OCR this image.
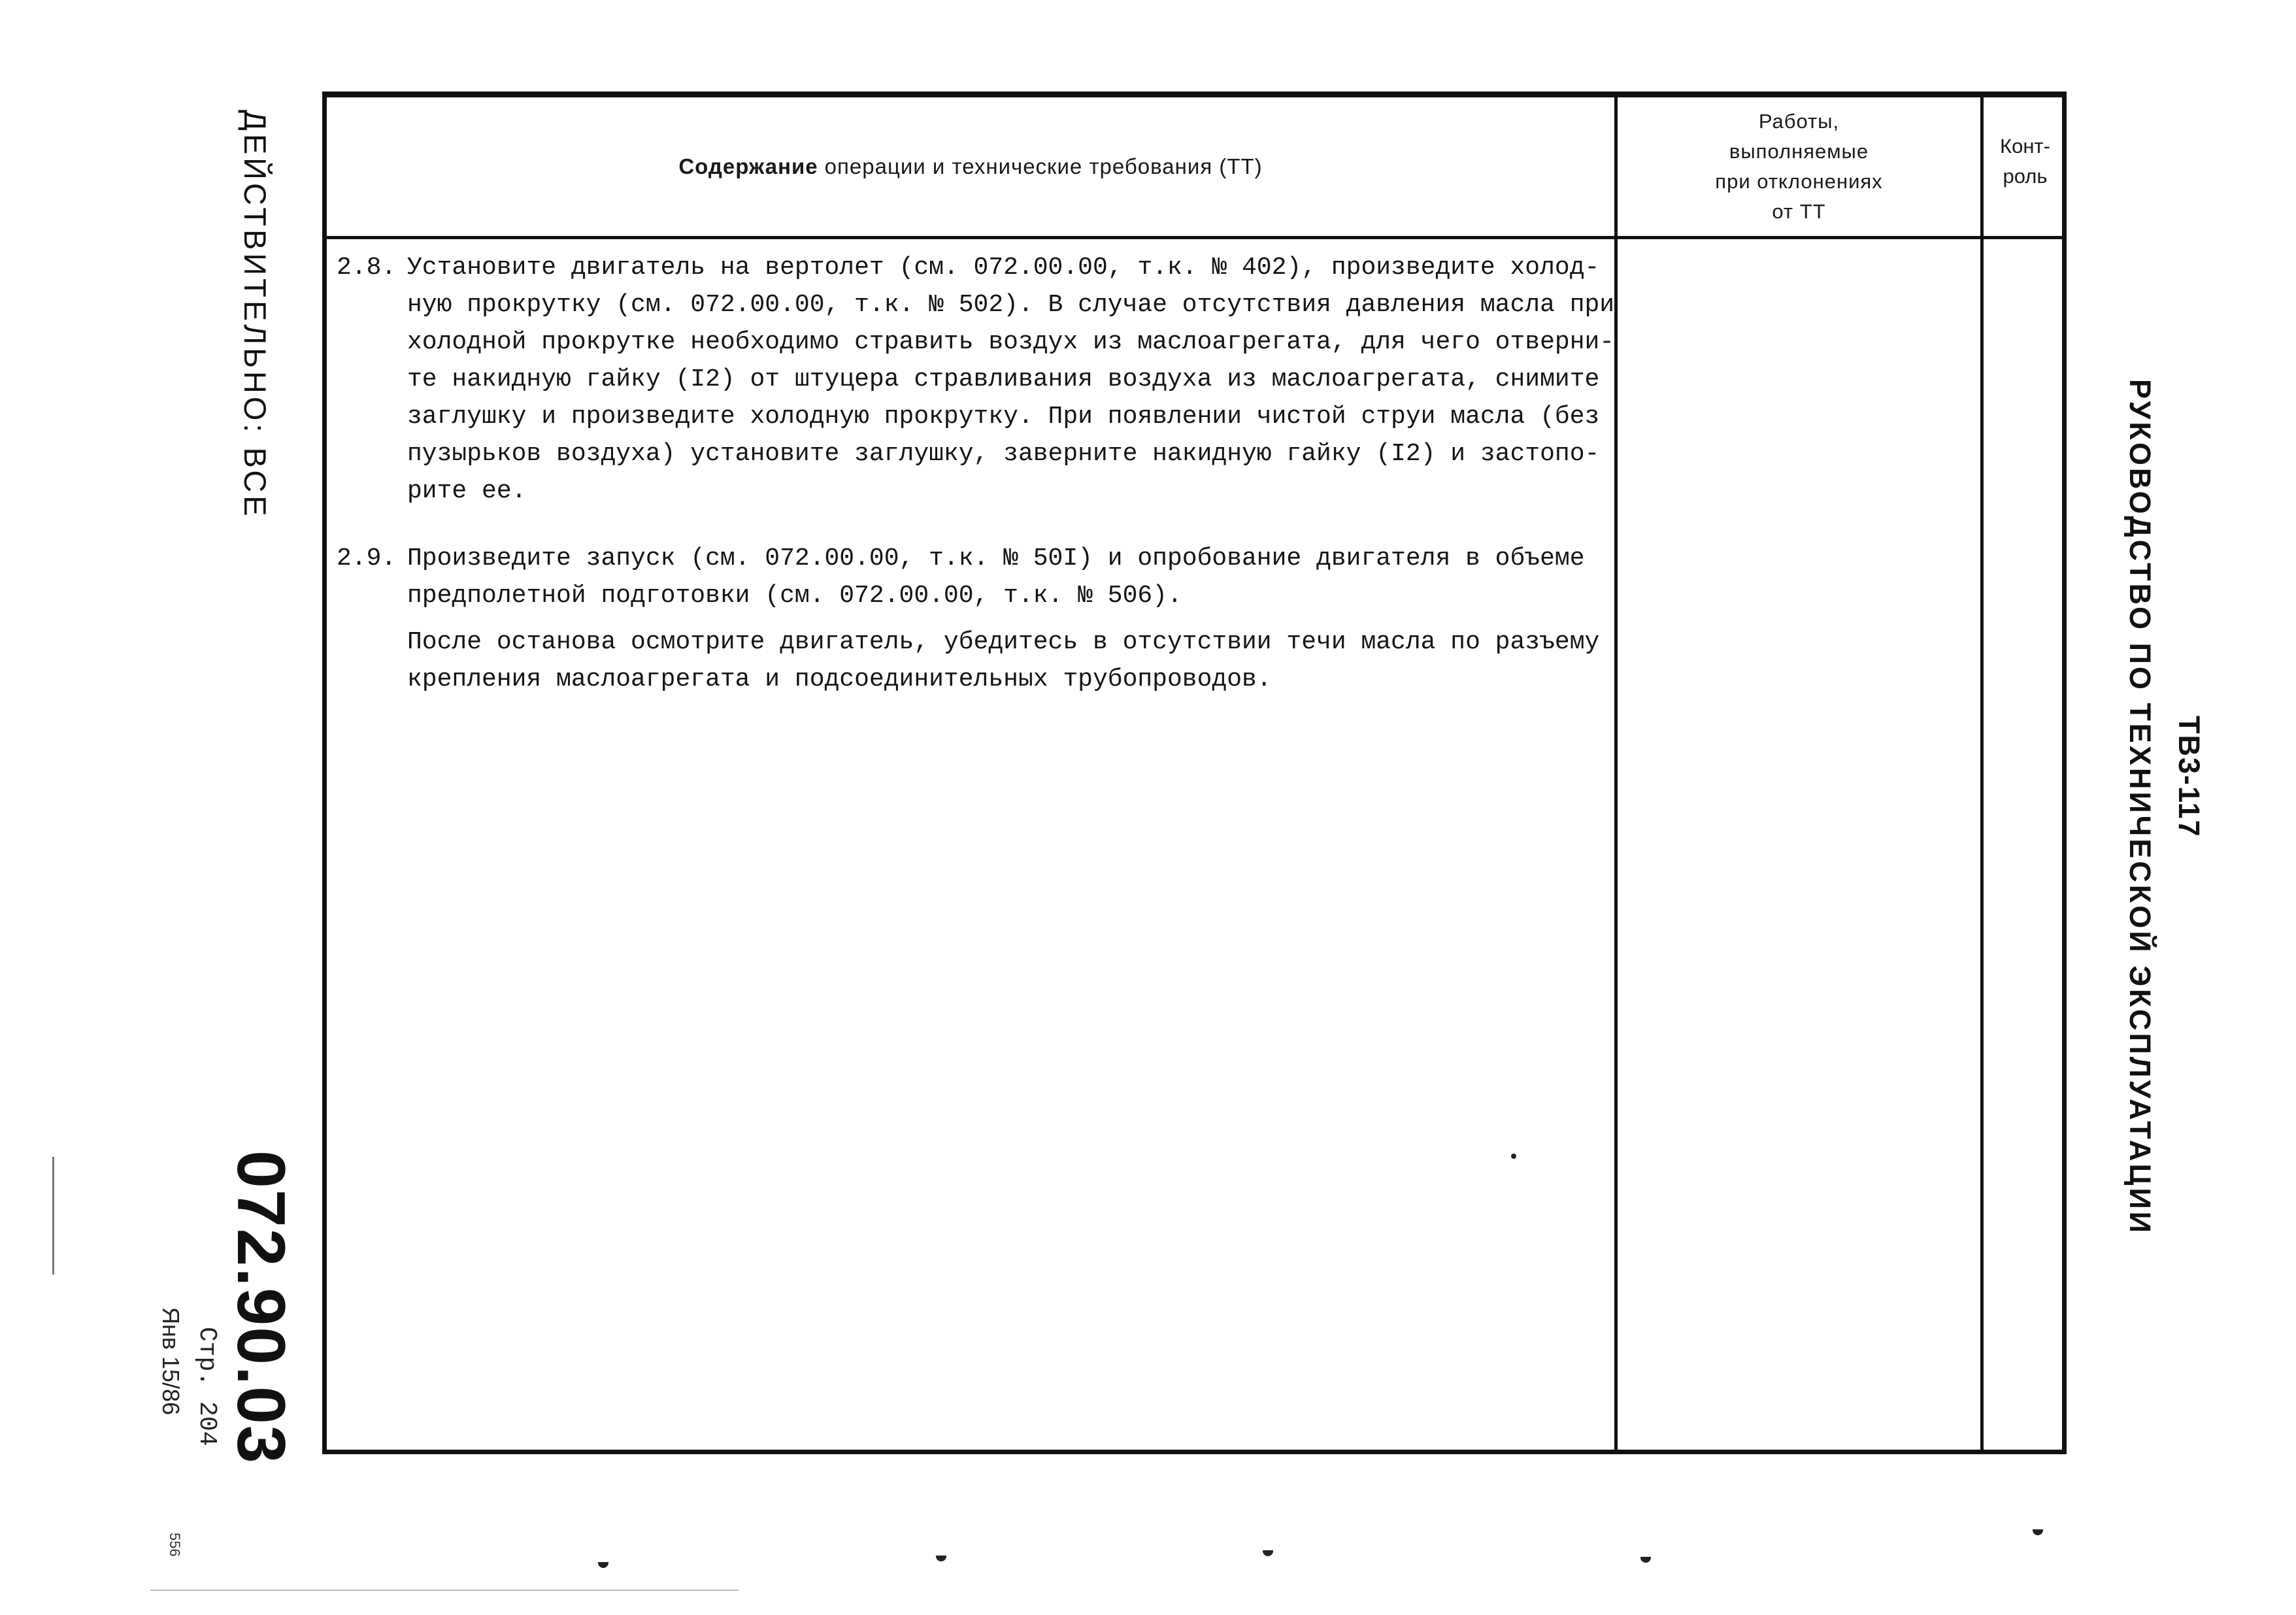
Содержание операции и технические требования (ТТ)
Работы,
выполняемые
при отклонениях
от ТТ
Конт-
роль
2.8. Установите двигатель на вертолет (см. 072.00.00, т.к. № 402), произведите холод-
ную прокрутку (см. 072.00.00, т.к. № 502). В случае отсутствия давления масла при
холодной прокрутке необходимо стравить воздух из маслоагрегата, для чего отверни-
те накидную гайку (I2) от штуцера стравливания воздуха из маслоагрегата, снимите
заглушку и произведите холодную прокрутку. При появлении чистой струи масла (без
пузырьков воздуха) установите заглушку, заверните накидную гайку (I2) и застопо-
рите ее.
2.9. Произведите запуск (см. 072.00.00, т.к. № 50I) и опробование двигателя в объеме
предполетной подготовки (см. 072.00.00, т.к. № 506).
После останова осмотрите двигатель, убедитесь в отсутствии течи масла по разъему
крепления маслоагрегата и подсоединительных трубопроводов.	РУКОВОДСТВО ПО ТЕХНИЧЕСКОЙ ЭКСПЛУАТАЦИИ ТВ3-117
ДЕЙСТВИТЕЛЬНО: ВСЕ
072.90.03
Стр. 204
Янв 15/86
556
